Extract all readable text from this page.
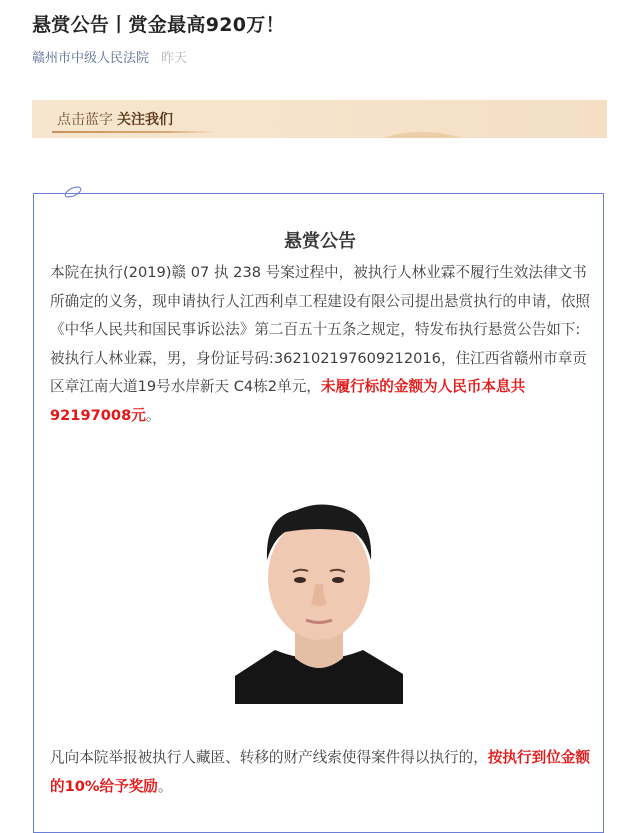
悬赏公告丨赏金最高920万！
赣州市中级人民法院 昨天
点击蓝字 关注我们
悬赏公告

本院在执行(2019)赣 07 执 238 号案过程中，被执行人林业霖不履行生效法律文书所确定的义务，现申请执行人江西利卓工程建设有限公司提出悬赏执行的申请，依照《中华人民共和国民事诉讼法》第二百五十五条之规定，特发布执行悬赏公告如下:

被执行人林业霖，男，身份证号码:362102197609212016，住江西省赣州市章贡区章江南大道19号水岸新天 C4栋2单元，未履行标的金额为人民币本息共92197008元。

凡向本院举报被执行人藏匿、转移的财产线索使得案件得以执行的，按执行到位金额的10%给予奖励。
